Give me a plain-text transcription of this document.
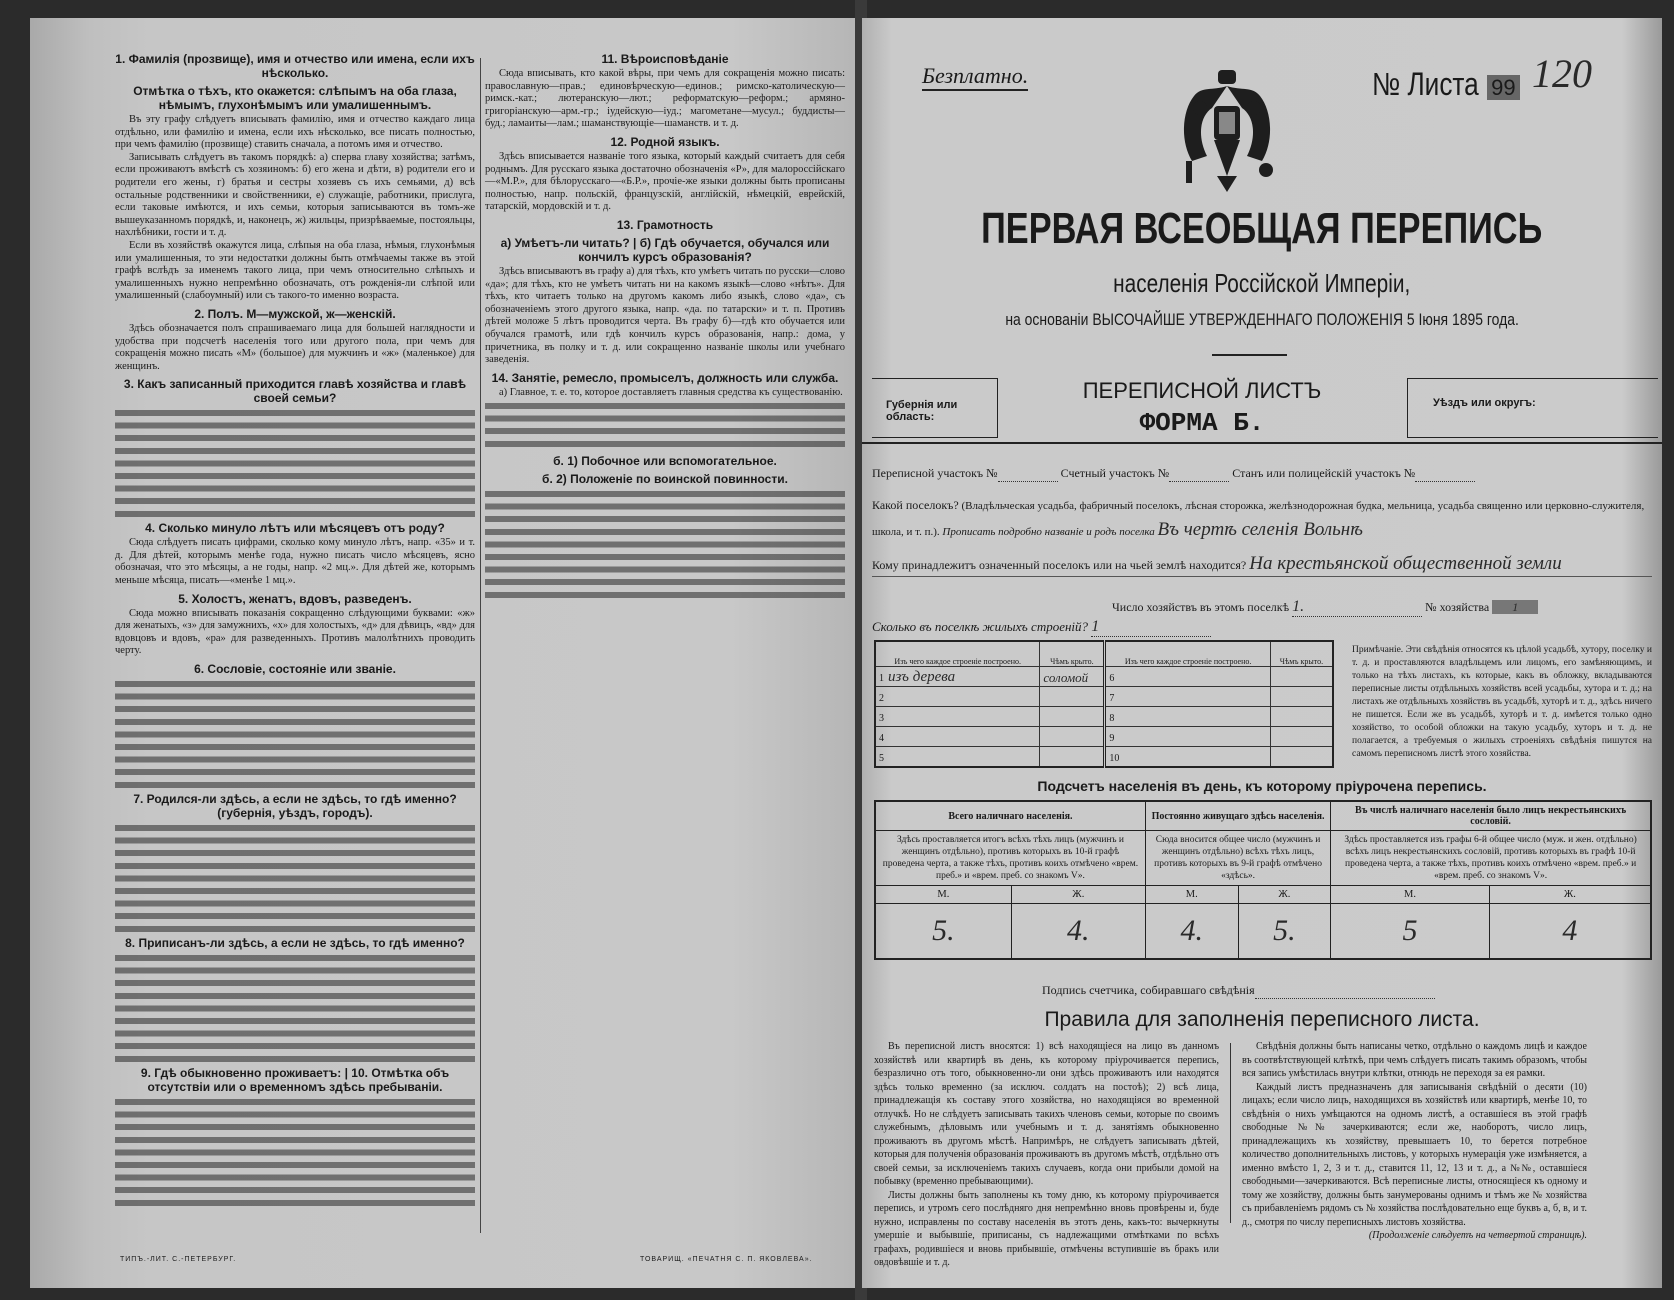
1. Фамилія (прозвище), имя и отчество или имена, если ихъ нѣсколько.
Отмѣтка о тѣхъ, кто окажется: слѣпымъ на оба глаза, нѣмымъ, глухонѣмымъ или умалишеннымъ.

Въ эту графу слѣдуетъ вписывать фамилію, имя и отчество каждаго лица отдѣльно, или фамилію и имена, если ихъ нѣсколько, все писать полностью, при чемъ фамилію (прозвище) ставить сначала, а потомъ имя и отчество.

Записывать слѣдуетъ въ такомъ порядкѣ: а) сперва главу хозяйства; затѣмъ, если проживаютъ вмѣстѣ съ хозяиномъ: б) его жена и дѣти, в) родители его и родители его жены, г) братья и сестры хозяевъ съ ихъ семьями, д) всѣ остальные родственники и свойственники, е) служащіе, работники, прислуга, если таковые имѣются, и ихъ семьи, которыя записываются въ томъ-же вышеуказанномъ порядкѣ, и, наконецъ, ж) жильцы, призрѣваемые, постояльцы, нахлѣбники, гости и т. д.

Если въ хозяйствѣ окажутся лица, слѣпыя на оба глаза, нѣмыя, глухонѣмыя или умалишенныя, то эти недостатки должны быть отмѣчаемы также въ этой графѣ вслѣдъ за именемъ такого лица, при чемъ относительно слѣпыхъ и умалишенныхъ нужно непремѣнно обозначать, отъ рожденія-ли слѣпой или умалишенный (слабоумный) или съ такого-то именно возраста.

2. Полъ. М—мужской, ж—женскій.

Здѣсь обозначается полъ спрашиваемаго лица для большей наглядности и удобства при подсчетѣ населенія того или другого пола, при чемъ для сокращенія можно писать «М» (большое) для мужчинъ и «ж» (маленькое) для женщинъ.

3. Какъ записанный приходится главѣ хозяйства и главѣ своей семьи?
4. Сколько минуло лѣтъ или мѣсяцевъ отъ роду?

Сюда слѣдуетъ писать цифрами, сколько кому минуло лѣтъ, напр. «35» и т. д. Для дѣтей, которымъ менѣе года, нужно писать число мѣсяцевъ, ясно обозначая, что это мѣсяцы, а не годы, напр. «2 мц.». Для дѣтей же, которымъ меньше мѣсяца, писать—«менѣе 1 мц.».

5. Холостъ, женатъ, вдовъ, разведенъ.

Сюда можно вписывать показанія сокращенно слѣдующими буквами: «ж» для женатыхъ, «з» для замужнихъ, «х» для холостыхъ, «д» для дѣвицъ, «вд» для вдовцовъ и вдовъ, «ра» для разведенныхъ. Противъ малолѣтнихъ проводить черту.

6. Сословіе, состояніе или званіе.
7. Родился-ли здѣсь, а если не здѣсь, то гдѣ именно? (губернія, уѣздъ, городъ).
8. Приписанъ-ли здѣсь, а если не здѣсь, то гдѣ именно?
9. Гдѣ обыкновенно проживаетъ: | 10. Отмѣтка объ отсутствіи или о временномъ здѣсь пребываніи.
11. Вѣроисповѣданіе

Сюда вписывать, кто какой вѣры, при чемъ для сокращенія можно писать: православную—прав.; единовѣрческую—единов.; римско-католическую—римск.-кат.; лютеранскую—лют.; реформатскую—реформ.; армяно-григоріанскую—арм.-гр.; іудейскую—іуд.; магометане—мусул.; буддисты—буд.; ламаиты—лам.; шаманствующіе—шаманств. и т. д.

12. Родной языкъ.

Здѣсь вписывается названіе того языка, который каждый считаетъ для себя роднымъ. Для русскаго языка достаточно обозначенія «Р», для малороссійскаго—«М.Р.», для бѣлорусскаго—«Б.Р.», прочіе-же языки должны быть прописаны полностью, напр. польскій, французскій, англійскій, нѣмецкій, еврейскій, татарскій, мордовскій и т. д.

13. Грамотность
а) Умѣетъ-ли читать? | б) Гдѣ обучается, обучался или кончилъ курсъ образованія?

Здѣсь вписываютъ въ графу а) для тѣхъ, кто умѣетъ читать по русски—слово «да»; для тѣхъ, кто не умѣетъ читать ни на какомъ языкѣ—слово «нѣтъ». Для тѣхъ, кто читаетъ только на другомъ какомъ либо языкѣ, слово «да», съ обозначеніемъ этого другого языка, напр. «да. по татарски» и т. п. Противъ дѣтей моложе 5 лѣтъ проводится черта. Въ графу б)—гдѣ кто обучается или обучался грамотѣ, или гдѣ кончилъ курсъ образованія, напр.: дома, у причетника, въ полку и т. д. или сокращенно названіе школы или учебнаго заведенія.

14. Занятіе, ремесло, промыселъ, должность или служба.

а) Главное, т. е. то, которое доставляетъ главныя средства къ существованію.

б. 1) Побочное или вспомогательное.
б. 2) Положеніе по воинской повинности.
ТИПЪ.-ЛИТ. С.-ПЕТЕРБУРГ.	ТОВАРИЩ. «ПЕЧАТНЯ С. П. ЯКОВЛЕВА».
Безплатно.	№ Листа 99 120
ПЕРВАЯ ВСЕОБЩАЯ ПЕРЕПИСЬ
населенія Россійской Имперіи,
на основаніи ВЫСОЧАЙШЕ УТВЕРЖДЕННАГО ПОЛОЖЕНІЯ 5 Іюня 1895 года.
Губернія или область:
ПЕРЕПИСНОЙ ЛИСТЪ
ФОРМА Б.
Уѣздъ или округъ:
Переписной участокъ №	Счетный участокъ №	Станъ или полицейскій участокъ №
Какой поселокъ? (Владѣльческая усадьба, фабричный поселокъ, лѣсная сторожка, желѣзнодорожная будка, мельница, усадьба священно или церковно-служителя, школа, и т. п.). Прописать подробно названіе и родъ поселка Въ чертѣ селенія Вольнѣ
Кому принадлежитъ означенный поселокъ или на чьей землѣ находится? На крестьянской общественной земли
Число хозяйствъ въ этомъ поселкѣ 1.	№ хозяйства 1
Сколько въ поселкѣ жилыхъ строеній? 1
Изъ чего каждое строеніе построено.	Чѣмъ крыто.	Изъ чего каждое строеніе построено.	Чѣмъ крыто.
1 изъ дерева	соломой	6	
2		7	
3		8	
4		9	
5		10	
Примѣчаніе. Эти свѣдѣнія относятся къ цѣлой усадьбѣ, хутору, поселку и т. д. и проставляются владѣльцемъ или лицомъ, его замѣняющимъ, и только на тѣхъ листахъ, къ которые, какъ въ обложку, вкладываются переписные листы отдѣльныхъ хозяйствъ всей усадьбы, хутора и т. д.; на листахъ же отдѣльныхъ хозяйствъ въ усадьбѣ, хуторѣ и т. д., здѣсь ничего не пишется. Если же въ усадьбѣ, хуторѣ и т. д. имѣется только одно хозяйство, то особой обложки на такую усадьбу, хуторъ и т. д. не полагается, а требуемыя о жилыхъ строеніяхъ свѣдѣнія пишутся на самомъ переписномъ листѣ этого хозяйства.
Подсчетъ населенія въ день, къ которому пріурочена перепись.
Всего наличнаго населенія.		Постоянно живущаго здѣсь населенія.		Въ числѣ наличнаго населенія было лицъ некрестьянскихъ сословій.	
Здѣсь проставляется итогъ всѣхъ тѣхъ лицъ (мужчинъ и женщинъ отдѣльно), противъ которыхъ въ 10-й графѣ проведена черта, а также тѣхъ, противъ коихъ отмѣчено «врем. преб.» и «врем. преб. со знакомъ V».		Сюда вносится общее число (мужчинъ и женщинъ отдѣльно) всѣхъ тѣхъ лицъ, противъ которыхъ въ 9-й графѣ отмѣчено «здѣсь».		Здѣсь проставляется изъ графы 6-й общее число (муж. и жен. отдѣльно) всѣхъ лицъ некрестьянскихъ сословій, противъ которыхъ въ графѣ 10-й проведена черта, а также тѣхъ, противъ коихъ отмѣчено «врем. преб.» и «врем. преб. со знакомъ V».	
М.	Ж.	М.	Ж.	М.	Ж.
5.	4.	4.	5.	5	4
Подпись счетчика, собиравшаго свѣдѣнія
Правила для заполненія переписного листа.

Въ переписной листъ вносятся: 1) всѣ находящіеся на лицо въ данномъ хозяйствѣ или квартирѣ въ день, къ которому пріурочивается перепись, безразлично отъ того, обыкновенно-ли они здѣсь проживаютъ или находятся здѣсь только временно (за исключ. солдатъ на постоѣ); 2) всѣ лица, принадлежащія къ составу этого хозяйства, но находящіяся во временной отлучкѣ. Но не слѣдуетъ записывать такихъ членовъ семьи, которые по своимъ служебнымъ, дѣловымъ или учебнымъ и т. д. занятіямъ обыкновенно проживаютъ въ другомъ мѣстѣ. Напримѣръ, не слѣдуетъ записывать дѣтей, которыя для полученія образованія проживаютъ въ другомъ мѣстѣ, отдѣльно отъ своей семьи, за исключеніемъ такихъ случаевъ, когда они прибыли домой на побывку (временно пребывающими).

Листы должны быть заполнены къ тому дню, къ которому пріурочивается перепись, и утромъ сего послѣдняго дня непремѣнно вновь провѣрены и, буде нужно, исправлены по составу населенія въ этотъ день, какъ-то: вычеркнуты умершіе и выбывшіе, приписаны, съ надлежащими отмѣтками по всѣхъ графахъ, родившіеся и вновь прибывшіе, отмѣчены вступившіе въ бракъ или овдовѣвшіе и т. д.

Свѣдѣнія должны быть написаны четко, отдѣльно о каждомъ лицѣ и каждое въ соотвѣтствующей клѣткѣ, при чемъ слѣдуетъ писать такимъ образомъ, чтобы вся запись умѣстилась внутри клѣтки, отнюдь не переходя за ея рамки.

Каждый листъ предназначенъ для записыванія свѣдѣній о десяти (10) лицахъ; если число лицъ, находящихся въ хозяйствѣ или квартирѣ, менѣе 10, то свѣдѣнія о нихъ умѣщаются на одномъ листѣ, а оставшіеся въ этой графѣ свободные №№ зачеркиваются; если же, наоборотъ, число лицъ, принадлежащихъ къ хозяйству, превышаетъ 10, то берется потребное количество дополнительныхъ листовъ, у которыхъ нумерація уже измѣняется, а именно вмѣсто 1, 2, 3 и т. д., ставится 11, 12, 13 и т. д., а №№, оставшіеся свободными—зачеркиваются. Всѣ переписные листы, относящіеся къ одному и тому же хозяйству, должны быть занумерованы однимъ и тѣмъ же № хозяйства съ прибавленіемъ рядомъ съ № хозяйства послѣдовательно еще буквъ а, б, в, и т. д., смотря по числу переписныхъ листовъ хозяйства.

(Продолженіе слѣдуетъ на четвертой страницѣ).
